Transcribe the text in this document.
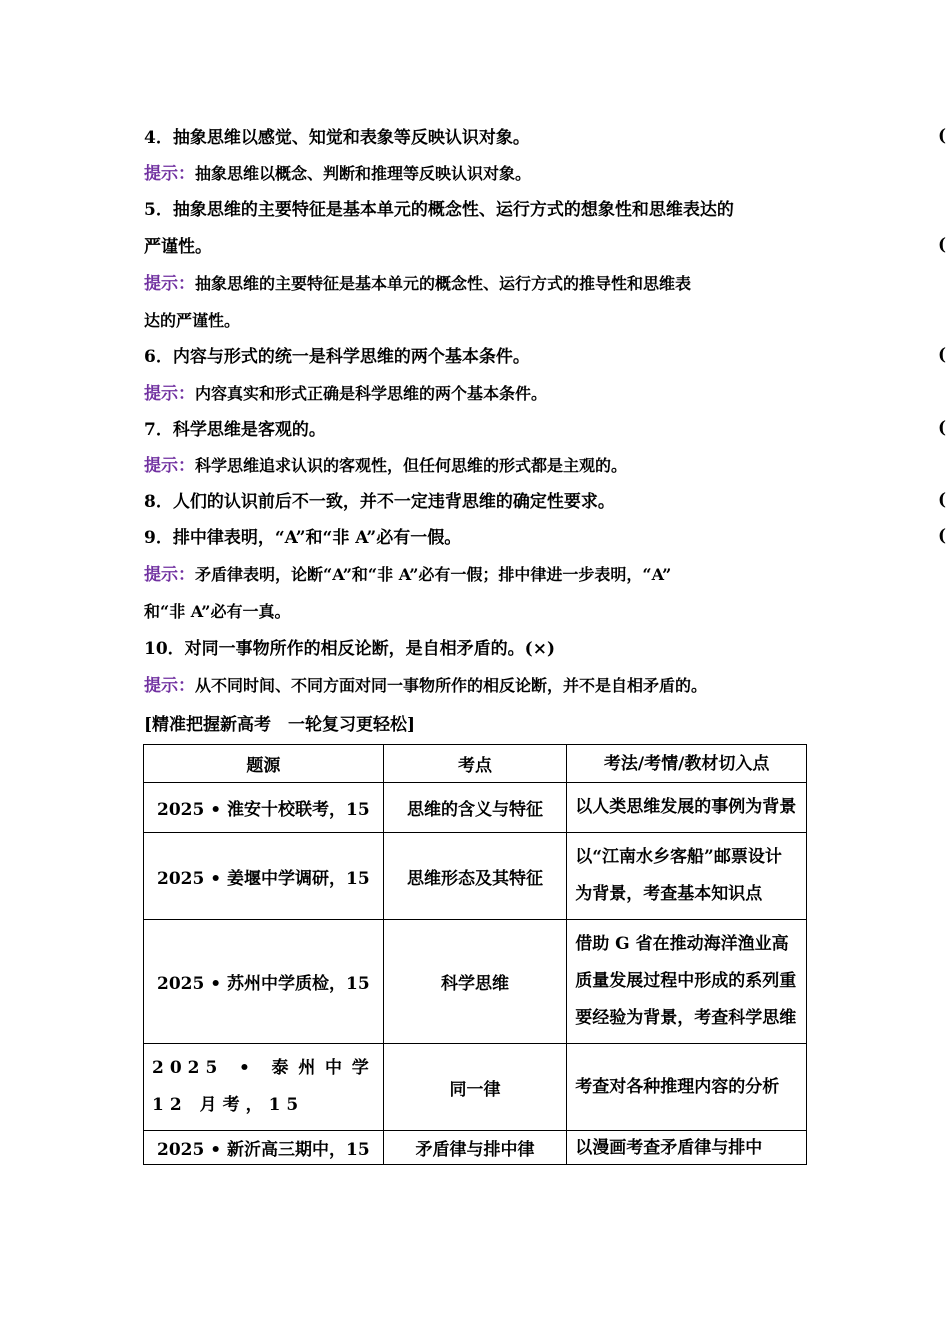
4．抽象思维以感觉、知觉和表象等反映认识对象。	(
提示：抽象思维以概念、判断和推理等反映认识对象。
5．抽象思维的主要特征是基本单元的概念性、运行方式的想象性和思维表达的
严谨性。	(
提示：抽象思维的主要特征是基本单元的概念性、运行方式的推导性和思维表
达的严谨性。
6．内容与形式的统一是科学思维的两个基本条件。	(
提示：内容真实和形式正确是科学思维的两个基本条件。
7．科学思维是客观的。	(
提示：科学思维追求认识的客观性，但任何思维的形式都是主观的。
8．人们的认识前后不一致，并不一定违背思维的确定性要求。	(
9．排中律表明，“A”和“非 A”必有一假。	(
提示：矛盾律表明，论断“A”和“非 A”必有一假；排中律进一步表明，“A”
和“非 A”必有一真。
10．对同一事物所作的相反论断，是自相矛盾的。(×)
提示：从不同时间、不同方面对同一事物所作的相反论断，并不是自相矛盾的。
[精准把握新高考　一轮复习更轻松]
题源	考点	考法/考情/教材切入点
2025 • 淮安十校联考，15	思维的含义与特征	以人类思维发展的事例为背景
2025 • 姜堰中学调研，15	思维形态及其特征	以“江南水乡客船”邮票设计为背景，考查基本知识点
2025 • 苏州中学质检，15	科学思维	借助 G 省在推动海洋渔业高质量发展过程中形成的系列重要经验为背景，考查科学思维
2025 • 泰州中学 12 月考，15	同一律	考查对各种推理内容的分析
2025 • 新沂高三期中，15	矛盾律与排中律	以漫画考查矛盾律与排中
